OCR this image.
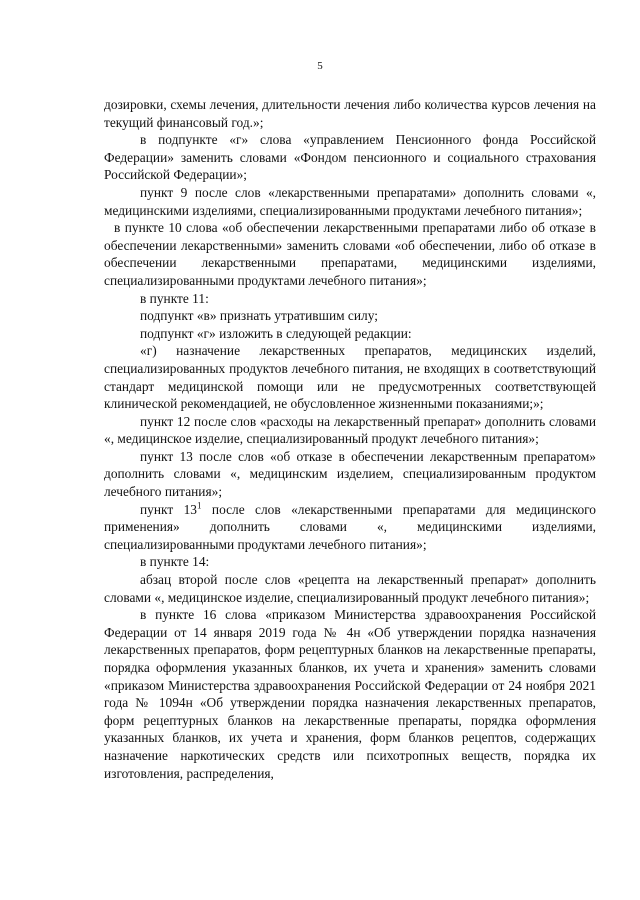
5

дозировки, схемы лечения, длительности лечения либо количества курсов лечения на текущий финансовый год.»;

в подпункте «г» слова «управлением Пенсионного фонда Российской Федерации» заменить словами «Фондом пенсионного и социального страхования Российской Федерации»;

пункт 9 после слов «лекарственными препаратами» дополнить словами «, медицинскими изделиями, специализированными продуктами лечебного питания»;

в пункте 10 слова «об обеспечении лекарственными препаратами либо об отказе в обеспечении лекарственными» заменить словами «об обеспечении, либо об отказе в обеспечении лекарственными препаратами, медицинскими изделиями, специализированными продуктами лечебного питания»;

в пункте 11:

подпункт «в» признать утратившим силу;

подпункт «г» изложить в следующей редакции:

«г) назначение лекарственных препаратов, медицинских изделий, специализированных продуктов лечебного питания, не входящих в соответствующий стандарт медицинской помощи или не предусмотренных соответствующей клинической рекомендацией, не обусловленное жизненными показаниями;»;

пункт 12 после слов «расходы на лекарственный препарат» дополнить словами «, медицинское изделие, специализированный продукт лечебного питания»;

пункт 13 после слов «об отказе в обеспечении лекарственным препаратом» дополнить словами «, медицинским изделием, специализированным продуктом лечебного питания»;

пункт $13^1$ после слов «лекарственными препаратами для медицинского применения» дополнить словами «, медицинскими изделиями, специализированными продуктами лечебного питания»;

в пункте 14:

абзац второй после слов «рецепта на лекарственный препарат» дополнить словами «, медицинское изделие, специализированный продукт лечебного питания»;

в пункте 16 слова «приказом Министерства здравоохранения Российской Федерации от 14 января 2019 года № 4н «Об утверждении порядка назначения лекарственных препаратов, форм рецептурных бланков на лекарственные препараты, порядка оформления указанных бланков, их учета и хранения» заменить словами «приказом Министерства здравоохранения Российской Федерации от 24 ноября 2021 года № 1094н «Об утверждении порядка назначения лекарственных препаратов, форм рецептурных бланков на лекарственные препараты, порядка оформления указанных бланков, их учета и хранения, форм бланков рецептов, содержащих назначение наркотических средств или психотропных веществ, порядка их изготовления, распределения,
